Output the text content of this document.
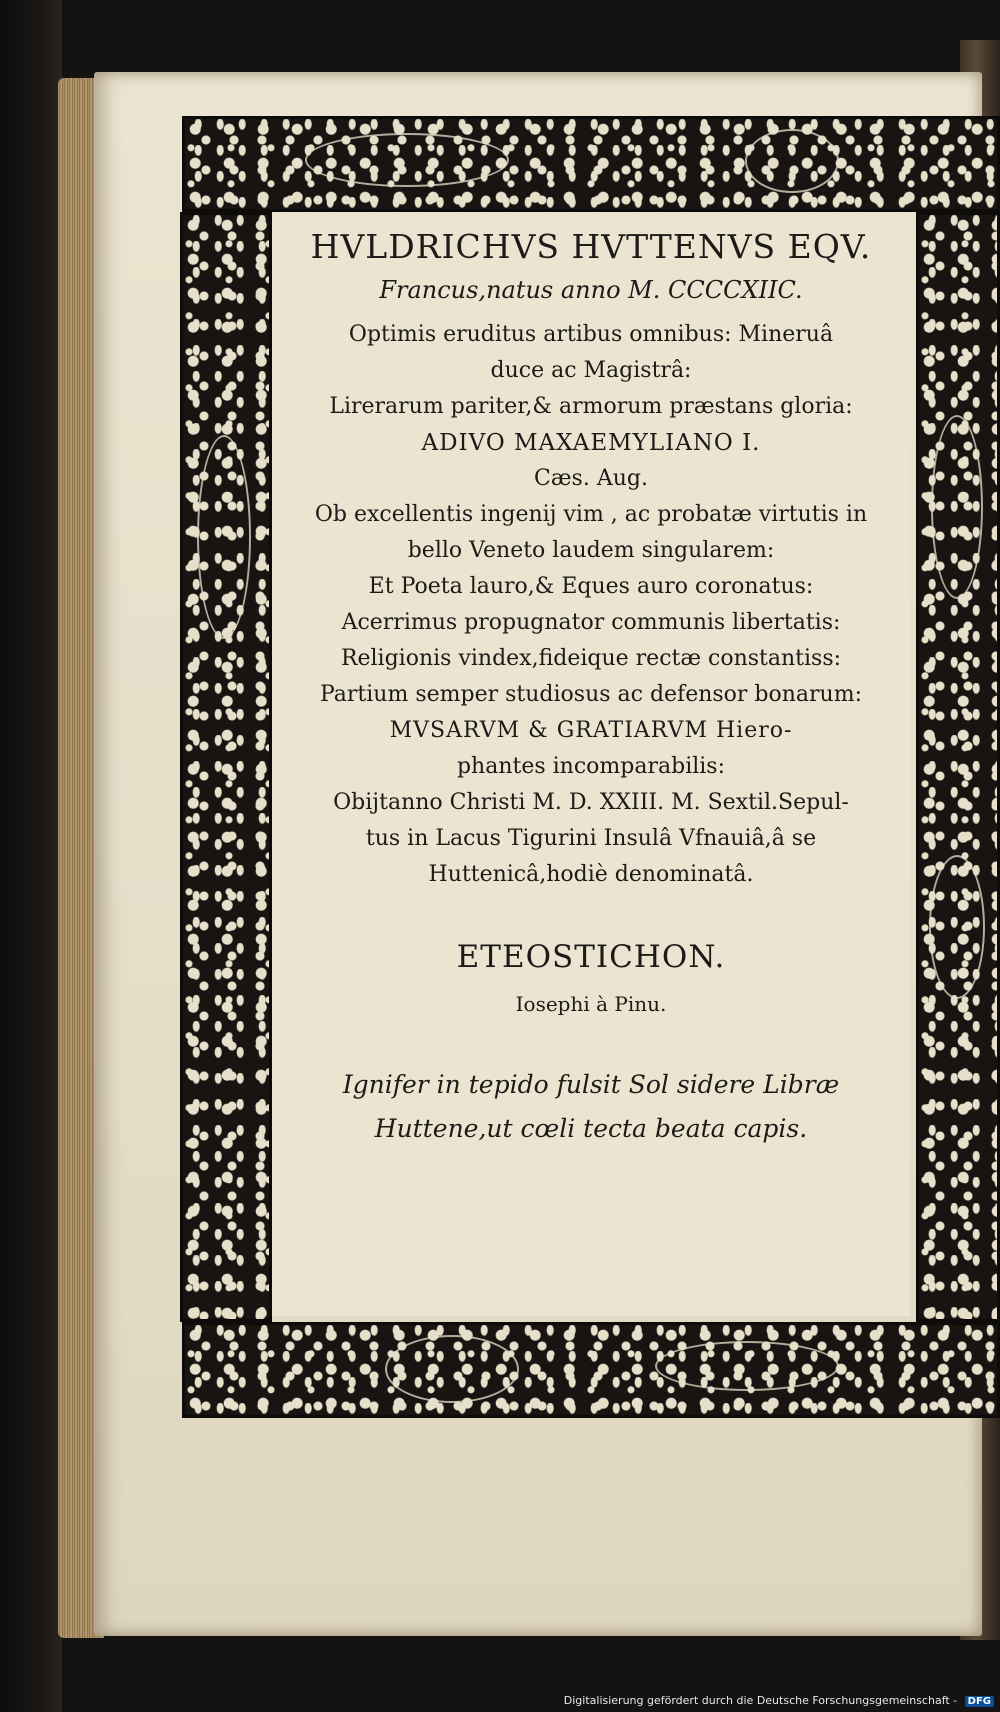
HVLDRICHVS HVTTENVS EQV.
Francus,natus anno M. CCCCXIIC.
Optimis eruditus artibus omnibus: Mineruâ
duce ac Magistrâ:
Lirerarum pariter,& armorum præstans gloria:
ADIVO MAXAEMYLIANO I.
Cæs. Aug.
Ob excellentis ingenij vim , ac probatæ virtutis in
bello Veneto laudem singularem:
Et Poeta lauro,& Eques auro coronatus:
Acerrimus propugnator communis libertatis:
Religionis vindex,fideique rectæ constantiss:
Partium semper studiosus ac defensor bonarum:
MVSARVM & GRATIARVM Hiero-
phantes incomparabilis:
Obijtanno Christi M. D. XXIII. M. Sextil.Sepul-
tus in Lacus Tigurini Insulâ Vfnauiâ,â se
Huttenicâ,hodiè denominatâ.
ETEOSTICHON.
Iosephi à Pinu.
Ignifer in tepido fulsit Sol sidere Libræ
Huttene,ut cœli tecta beata capis.
Digitalisierung gefördert durch die Deutsche Forschungsgemeinschaft - DFG
